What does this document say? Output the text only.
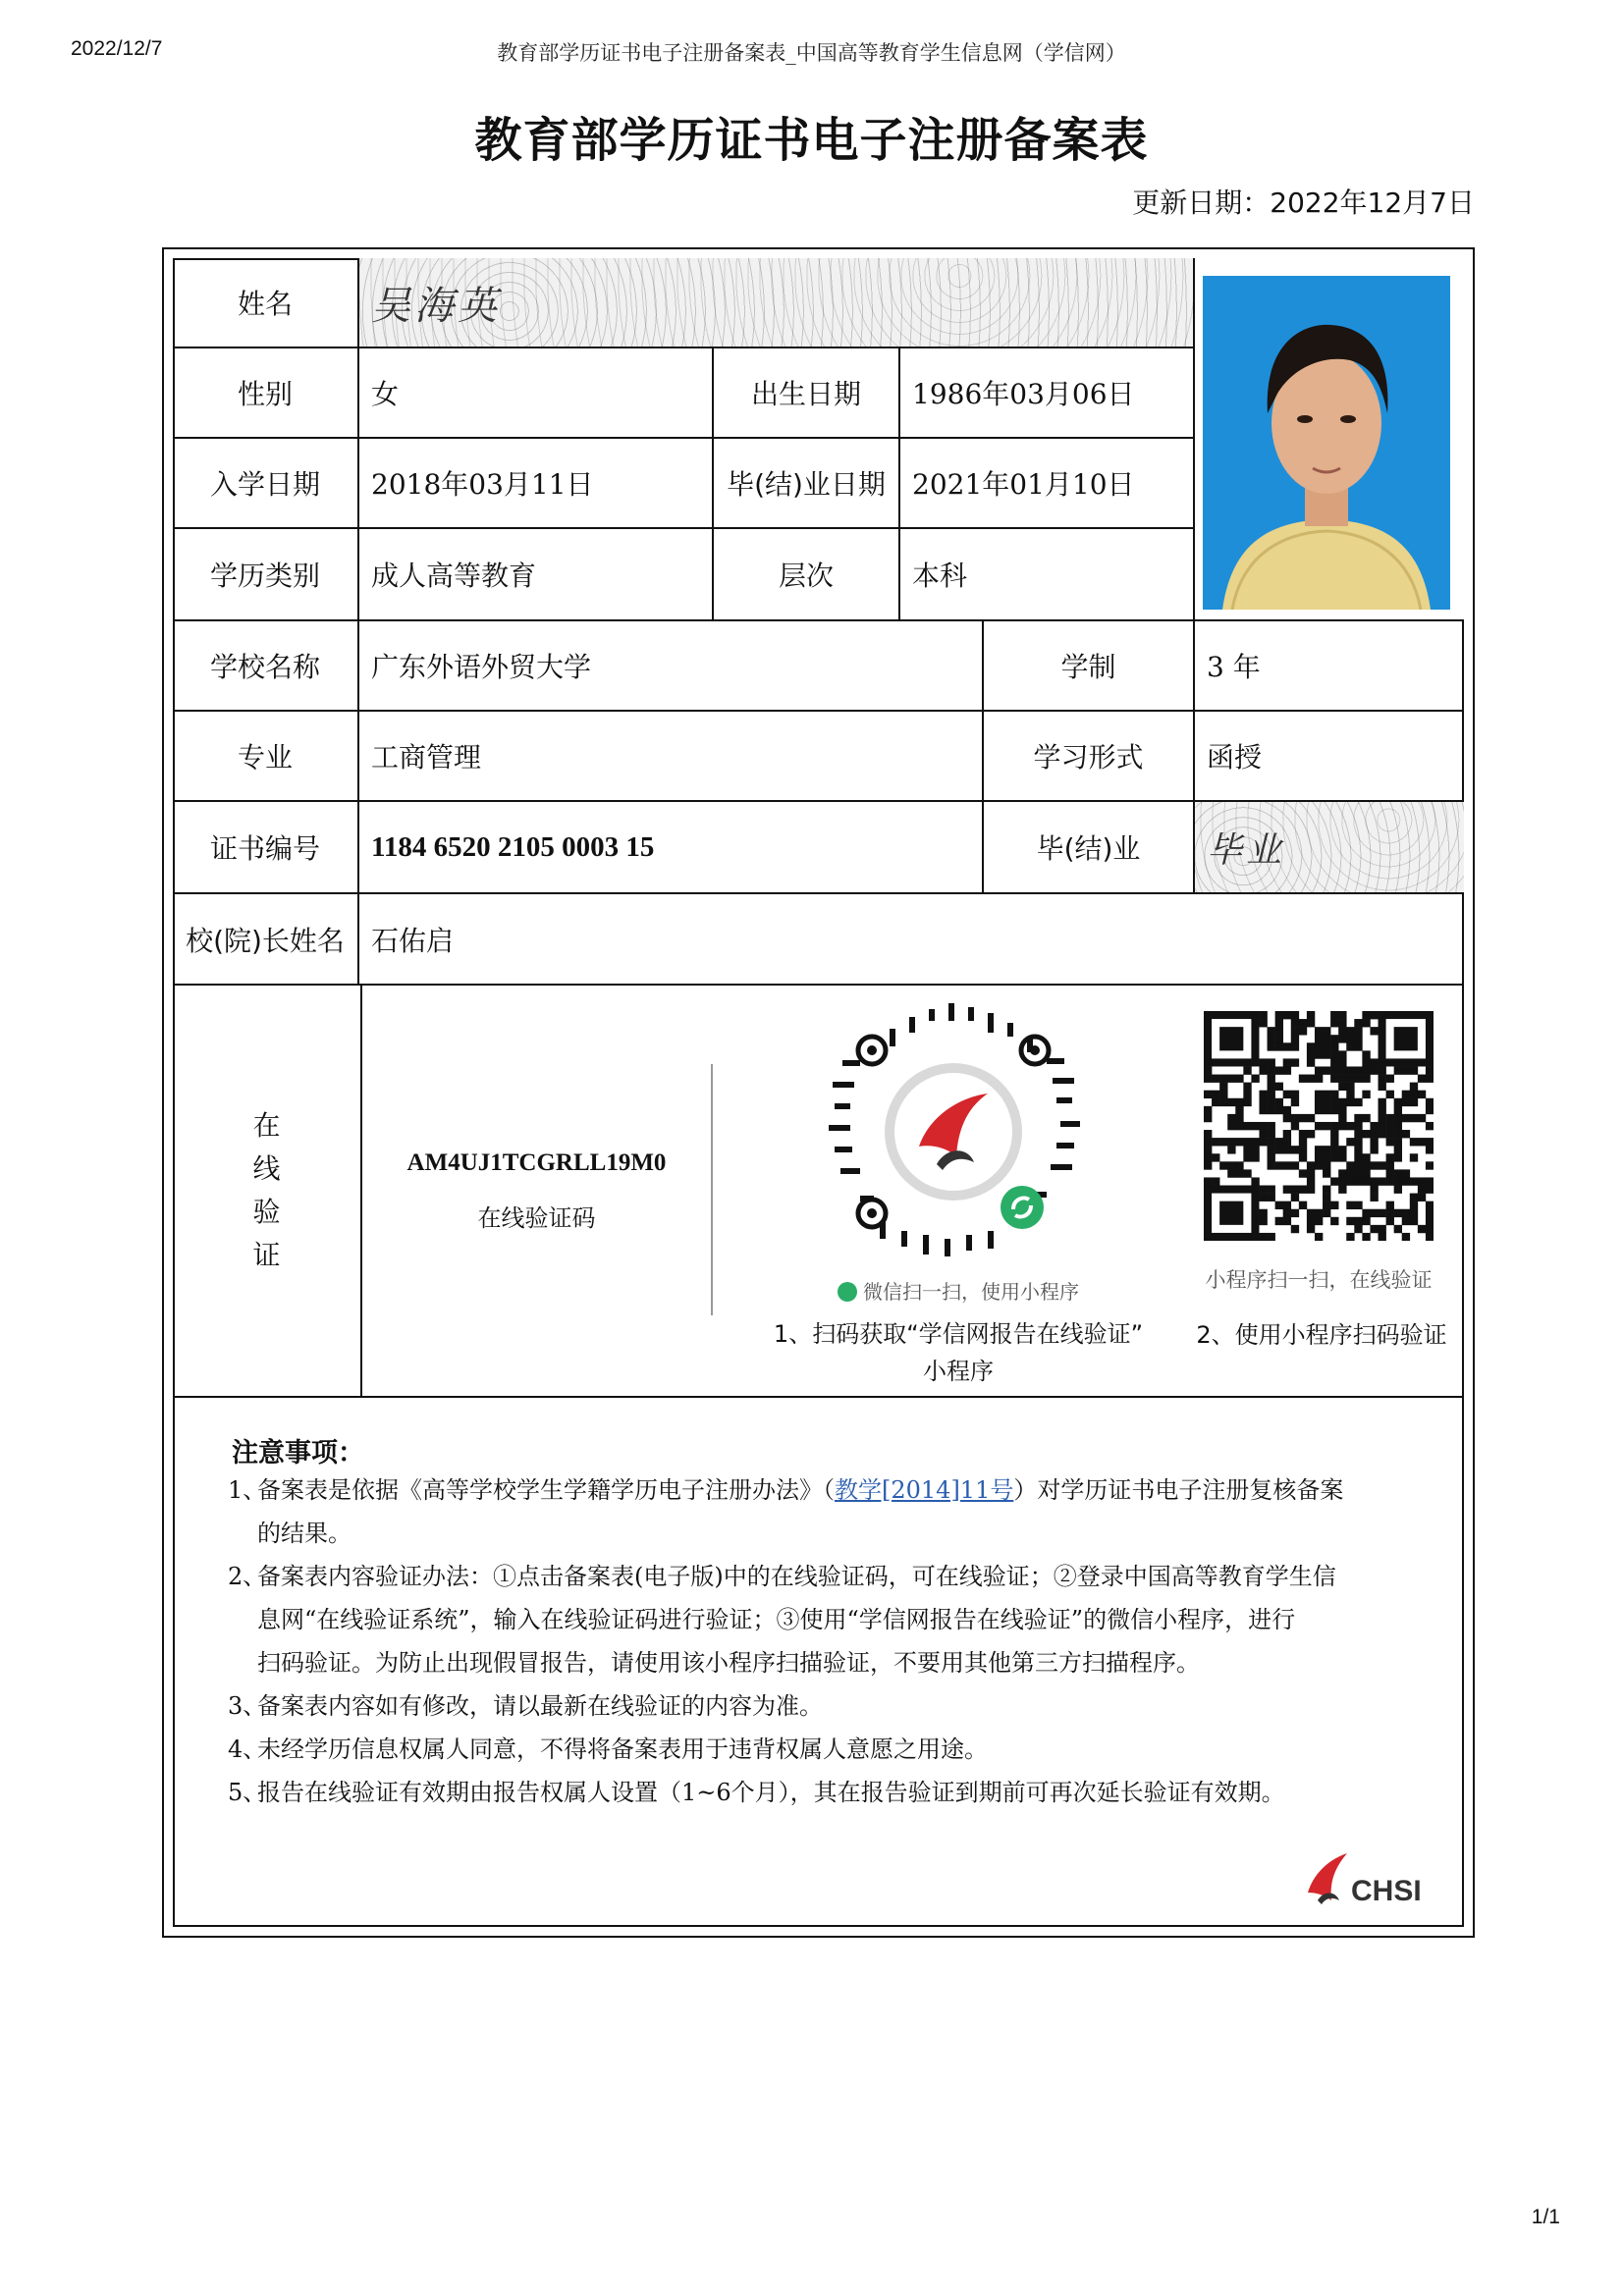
2022/12/7	教育部学历证书电子注册备案表_中国高等教育学生信息网（学信网）
1/1
教育部学历证书电子注册备案表
更新日期：2022年12月7日
姓名	吴海英
性别	女	出生日期	1986年03月06日
入学日期	2018年03月11日	毕(结)业日期 2021年01月10日
学历类别	成人高等教育	层次	本科
学校名称	广东外语外贸大学	学制	3 年
专业	工商管理	学习形式	函授
证书编号	1184 6520 2105 0003 15	毕(结)业	毕业
校(院)长姓名 石佑启
在
线
验
证
AM4UJ1TCGRLL19M0
在线验证码
微信扫一扫，使用小程序
1、扫码获取“学信网报告在线验证”
小程序
小程序扫一扫，在线验证
2、使用小程序扫码验证
注意事项：
1、备案表是依据《高等学校学生学籍学历电子注册办法》（教学[2014]11号）对学历证书电子注册复核备案
的结果。
2、备案表内容验证办法：①点击备案表(电子版)中的在线验证码，可在线验证；②登录中国高等教育学生信
息网“在线验证系统”，输入在线验证码进行验证；③使用“学信网报告在线验证”的微信小程序，进行
扫码验证。为防止出现假冒报告，请使用该小程序扫描验证，不要用其他第三方扫描程序。
3、备案表内容如有修改，请以最新在线验证的内容为准。
4、未经学历信息权属人同意，不得将备案表用于违背权属人意愿之用途。
5、报告在线验证有效期由报告权属人设置（1~6个月），其在报告验证到期前可再次延长验证有效期。
CHSI
